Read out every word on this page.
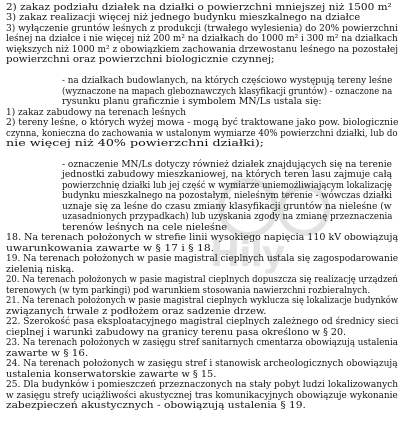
2) zakaz podziału działek na działki o powierzchni mniejszej niż 1500 m²
3) zakaz realizacji więcej niż jednego budynku mieszkalnego na działce
3) wyłączenie gruntów leśnych z produkcji (trwałego wylesienia) do 20% powierzchni
leśnej na działce i nie więcej niż 200 m² na działkach do 1000 m² i 300 m² na działkach
większych niż 1000 m² z obowiązkiem zachowania drzewostanu leśnego na pozostałej
powierzchni oraz powierzchni biologicznie czynnej;
- na działkach budowlanych, na których częściowo występują tereny leśne
(wyznaczone na mapach gleboznawczych klasyfikacji gruntów) - oznaczone na
rysunku planu graficznie i symbolem MN/Ls ustala się:
1) zakaz zabudowy na terenach leśnych
2) tereny leśne, o których wyżej mowa - mogą być traktowane jako pow. biologicznie
czynna, konieczna do zachowania w ustalonym wymiarze 40% powierzchni działki, lub do
nie więcej niż 40% powierzchni działki);
- oznaczenie MN/Ls dotyczy również działek znajdujących się na terenie
jednostki zabudowy mieszkaniowej, na których teren lasu zajmuje całą
powierzchnię działki lub jej część w wymiarze uniemożliwiającym lokalizację
budynku mieszkalnego na pozostałym, nieleśnym terenie - wówczas działki
uznaje się za leśne do czasu zmiany klasyfikacji gruntów na nieleśne (w
uzasadnionych przypadkach) lub uzyskania zgody na zmianę przeznaczenia
terenów leśnych na cele nieleśne
18. Na terenach położonych w strefie linii wysokiego napięcia 110 kV obowiązują
uwarunkowania zawarte w § 17 i § 18.
19. Na terenach położonych w pasie magistral cieplnych ustala się zagospodarowanie
zielenią niską.
20. Na terenach położonych w pasie magistral cieplnych dopuszcza się realizację urządzeń
terenowych (w tym parkingi) pod warunkiem stosowania nawierzchni rozbieralnych.
21. Na terenach położonych w pasie magistral cieplnych wyklucza się lokalizacje budynków
związanych trwale z podłożem oraz sadzenie drzew.
22. Szerokość pasa eksploatacyjnego magistral cieplnych zależnego od średnicy sieci
cieplnej i warunki zabudowy na granicy terenu pasa określono w § 20.
23. Na terenach położonych w zasięgu stref sanitarnych cmentarza obowiązują ustalenia
zawarte w § 16.
24. Na terenach położonych w zasięgu stref i stanowisk archeologicznych obowiązują
ustalenia konserwatorskie zawarte w § 15.
25. Dla budynków i pomieszczeń przeznaczonych na stały pobyt ludzi lokalizowanych
w zasięgu strefy uciążliwości akustycznej tras komunikacyjnych obowiązuje wykonanie
zabezpieczeń akustycznych - obowiązują ustalenia § 19.
Hily
